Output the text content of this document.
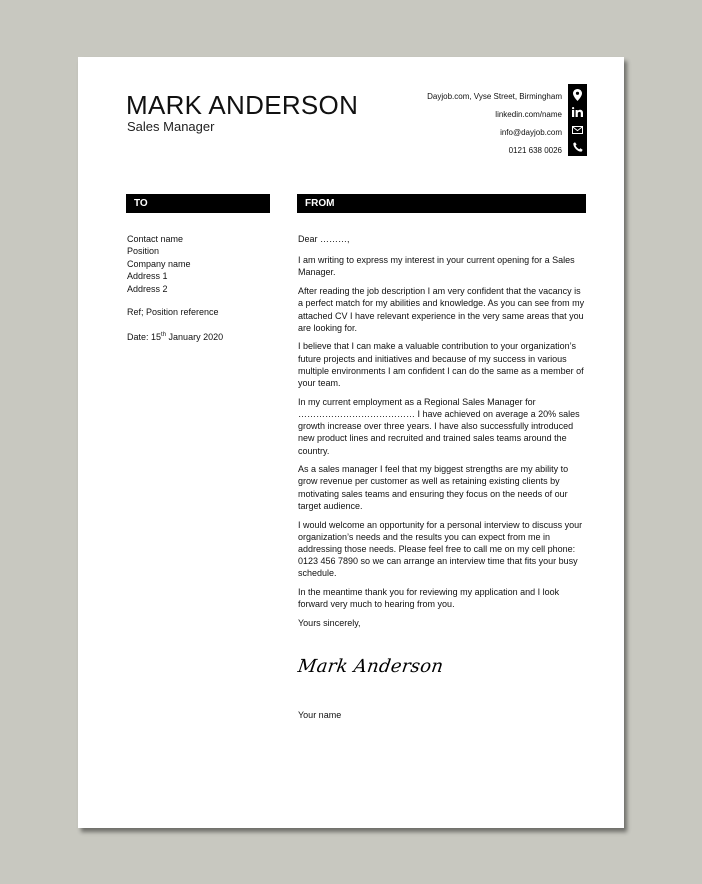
MARK ANDERSON
Sales Manager
Dayjob.com, Vyse Street, Birmingham
linkedin.com/name
info@dayjob.com
0121 638 0026
TO	FROM
Contact name
Position
Company name
Address 1
Address 2
Ref; Position reference
Date: 15th January 2020

Dear ………,

I am writing to express my interest in your current opening for a Sales Manager.

After reading the job description I am very confident that the vacancy is a perfect match for my abilities and knowledge. As you can see from my attached CV I have relevant experience in the very same areas that you are looking for.

I believe that I can make a valuable contribution to your organization’s future projects and initiatives and because of my success in various multiple environments I am confident I can do the same as a member of your team.

In my current employment as a Regional Sales Manager for ………………………………… I have achieved on average a 20% sales growth increase over three years. I have also successfully introduced new product lines and recruited and trained sales teams around the country.

As a sales manager I feel that my biggest strengths are my ability to grow revenue per customer as well as retaining existing clients by motivating sales teams and ensuring they focus on the needs of our target audience.

I would welcome an opportunity for a personal interview to discuss your organization’s needs and the results you can expect from me in addressing those needs. Please feel free to call me on my cell phone: 0123 456 7890 so we can arrange an interview time that fits your busy schedule.

In the meantime thank you for reviewing my application and I look forward very much to hearing from you.

Yours sincerely,

Mark Anderson
Your name
